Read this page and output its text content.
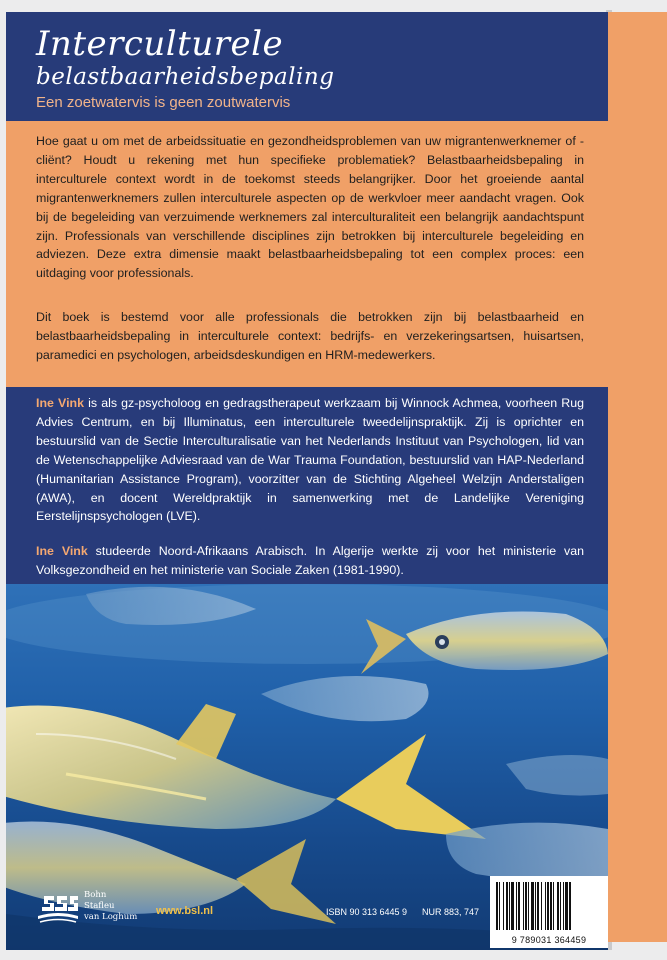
Interculturele
belastbaarheidsbepaling
Een zoetwatervis is geen zoutwatervis

Hoe gaat u om met de arbeidssituatie en gezondheidsproblemen van uw migrantenwerknemer of -cliënt? Houdt u rekening met hun specifieke problematiek? Belastbaarheidsbepaling in interculturele context wordt in de toekomst steeds belangrijker. Door het groeiende aantal migrantenwerknemers zullen interculturele aspecten op de werkvloer meer aandacht vragen. Ook bij de begeleiding van verzuimende werknemers zal interculturaliteit een belangrijk aandachtspunt zijn. Professionals van verschillende disciplines zijn betrokken bij interculturele begeleiding en adviezen. Deze extra dimensie maakt belastbaarheidsbepaling tot een complex proces: een uitdaging voor professionals.

Dit boek is bestemd voor alle professionals die betrokken zijn bij belastbaarheid en belastbaarheidsbepaling in interculturele context: bedrijfs- en verzekeringsartsen, huisartsen, paramedici en psychologen, arbeidsdeskundigen en HRM-medewerkers.

Ine Vink is als gz-psycholoog en gedragstherapeut werkzaam bij Winnock Achmea, voorheen Rug Advies Centrum, en bij Illuminatus, een interculturele tweedelijnspraktijk. Zij is oprichter en bestuurslid van de Sectie Interculturalisatie van het Nederlands Instituut van Psychologen, lid van de Wetenschappelijke Adviesraad van de War Trauma Foundation, bestuurslid van HAP-Nederland (Humanitarian Assistance Program), voorzitter van de Stichting Algeheel Welzijn Anderstaligen (AWA), en docent Wereldpraktijk in samenwerking met de Landelijke Vereniging Eerstelijnspsychologen (LVE).

Ine Vink studeerde Noord-Afrikaans Arabisch. In Algerije werkte zij voor het ministerie van Volksgezondheid en het ministerie van Sociale Zaken (1981-1990).

Bohn
Stafleu
van Loghum www.bsl.nl	ISBN 90 313 6445 9 NUR 883, 747
9 789031 364459
